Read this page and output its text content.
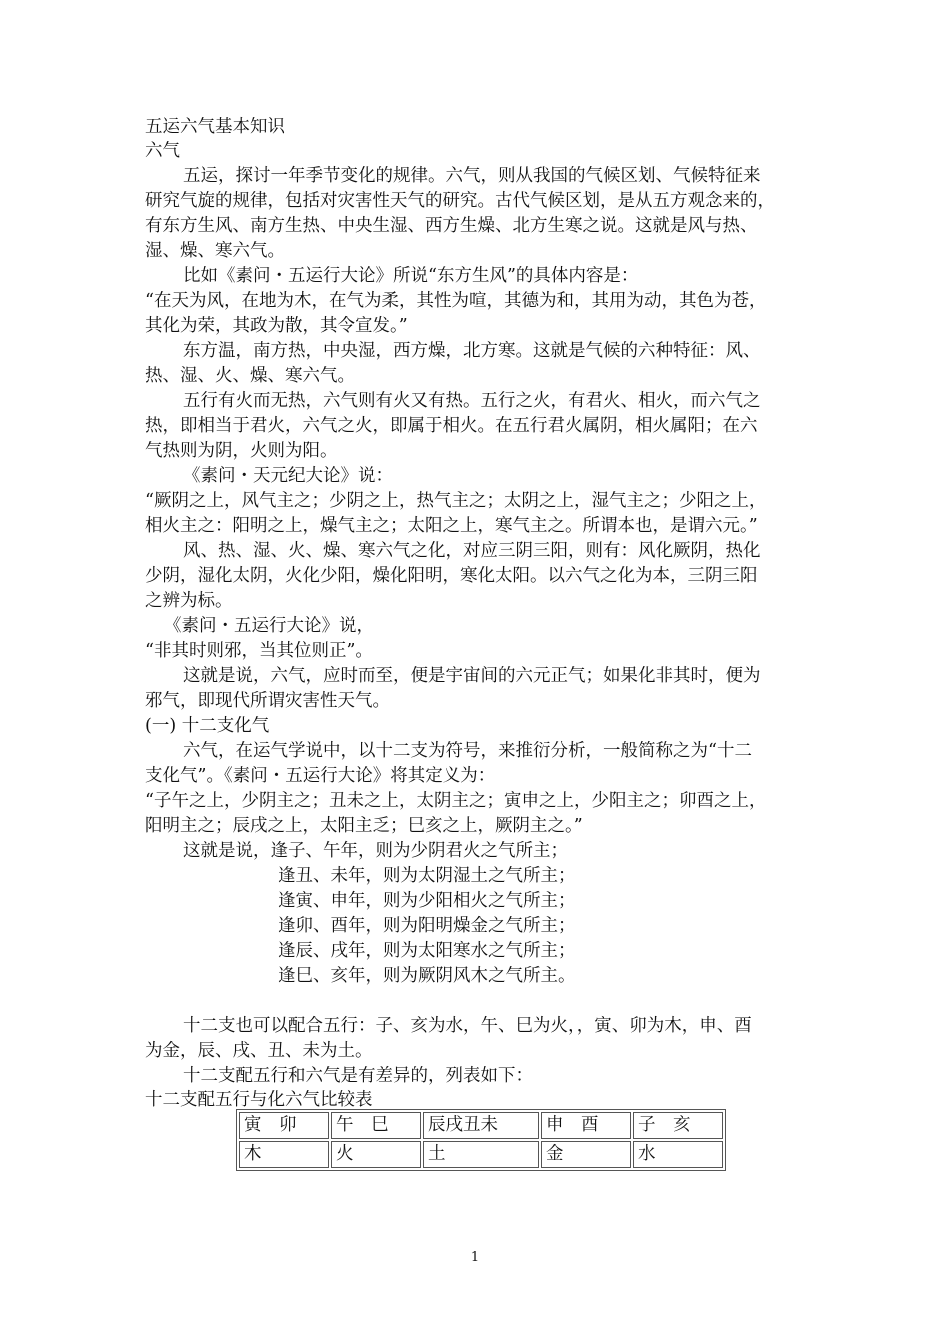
五运六气基本知识
六气
五运，探讨一年季节变化的规律。六气，则从我国的气候区划、气候特征来
研究气旋的规律，包括对灾害性天气的研究。古代气候区划，是从五方观念来的，
有东方生风、南方生热、中央生湿、西方生燥、北方生寒之说。这就是风与热、
湿、燥、寒六气。
比如《素问・五运行大论》所说“东方生风”的具体内容是：
“在天为风，在地为木，在气为柔，其性为喧，其德为和，其用为动，其色为苍，
其化为荣，其政为散，其令宣发。”
东方温，南方热，中央湿，西方燥，北方寒。这就是气候的六种特征：风、
热、湿、火、燥、寒六气。
五行有火而无热，六气则有火又有热。五行之火，有君火、相火，而六气之
热，即相当于君火，六气之火，即属于相火。在五行君火属阴，相火属阳；在六
气热则为阴，火则为阳。
《素问・天元纪大论》说：
“厥阴之上，风气主之；少阴之上，热气主之；太阴之上，湿气主之；少阳之上，
相火主之：阳明之上，燥气主之；太阳之上，寒气主之。所谓本也，是谓六元。”
风、热、湿、火、燥、寒六气之化，对应三阴三阳，则有：风化厥阴，热化
少阴，湿化太阴，火化少阳，燥化阳明，寒化太阳。以六气之化为本，三阴三阳
之辨为标。
《素问・五运行大论》说，
“非其时则邪，当其位则正”。
这就是说，六气，应时而至，便是宇宙间的六元正气；如果化非其时，便为
邪气，即现代所谓灾害性天气。
(一) 十二支化气
六气，在运气学说中，以十二支为符号，来推衍分析，一般简称之为“十二
支化气”。《素问・五运行大论》将其定义为：
“子午之上，少阴主之；丑未之上，太阴主之；寅申之上，少阳主之；卯酉之上，
阳明主之；辰戌之上，太阳主乏；巳亥之上，厥阴主之。”
这就是说，逢子、午年，则为少阴君火之气所主；
逢丑、未年，则为太阴湿土之气所主；
逢寅、申年，则为少阳相火之气所主；
逢卯、酉年，则为阳明燥金之气所主；
逢辰、戌年，则为太阳寒水之气所主；
逢巳、亥年，则为厥阴风木之气所主。
十二支也可以配合五行：子、亥为水，午、巳为火，，寅、卯为木，申、酉
为金，辰、戌、丑、未为土。
十二支配五行和六气是有差异的，列表如下：
十二支配五行与化六气比较表
寅　卯	午　巳	辰戌丑未	申　酉	子　亥
木	火	土	金	水
1
